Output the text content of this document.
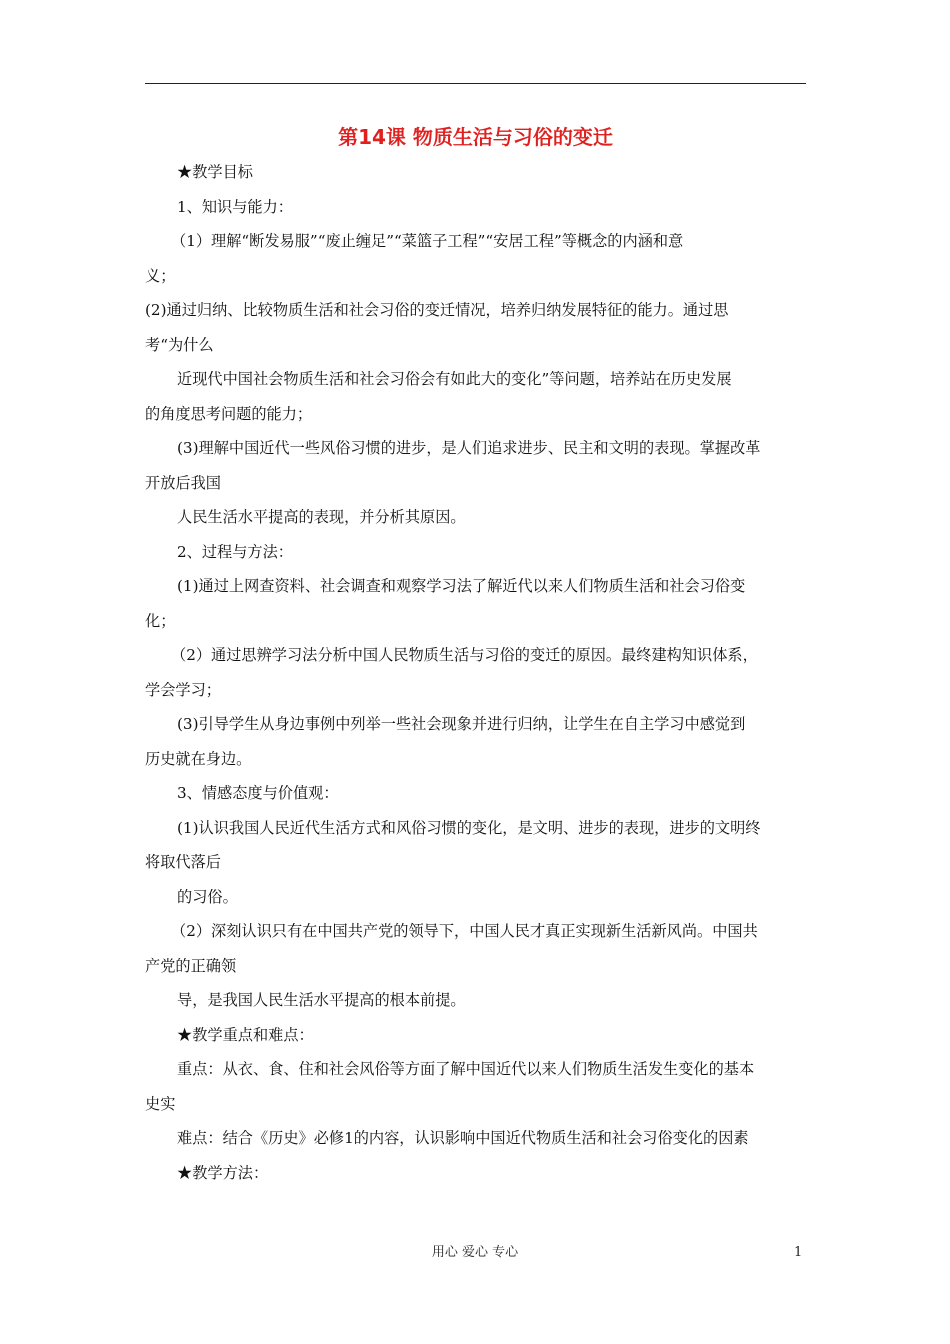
第14课 物质生活与习俗的变迁
★教学目标
1、知识与能力：
（1）理解“断发易服”“废止缠足”“菜篮子工程”“安居工程”等概念的内涵和意
义；
(2)通过归纳、比较物质生活和社会习俗的变迁情况，培养归纳发展特征的能力。通过思
考“为什么
近现代中国社会物质生活和社会习俗会有如此大的变化”等问题，培养站在历史发展
的角度思考问题的能力；
(3)理解中国近代一些风俗习惯的进步，是人们追求进步、民主和文明的表现。掌握改革
开放后我国
人民生活水平提高的表现，并分析其原因。
2、过程与方法：
(1)通过上网查资料、社会调查和观察学习法了解近代以来人们物质生活和社会习俗变
化；
（2）通过思辨学习法分析中国人民物质生活与习俗的变迁的原因。最终建构知识体系，
学会学习；
(3)引导学生从身边事例中列举一些社会现象并进行归纳，让学生在自主学习中感觉到
历史就在身边。
3、情感态度与价值观：
(1)认识我国人民近代生活方式和风俗习惯的变化，是文明、进步的表现，进步的文明终
将取代落后
的习俗。
（2）深刻认识只有在中国共产党的领导下，中国人民才真正实现新生活新风尚。中国共
产党的正确领
导，是我国人民生活水平提高的根本前提。
★教学重点和难点：
重点：从衣、食、住和社会风俗等方面了解中国近代以来人们物质生活发生变化的基本
史实
难点：结合《历史》必修1的内容，认识影响中国近代物质生活和社会习俗变化的因素
★教学方法：
用心 爱心 专心	1
